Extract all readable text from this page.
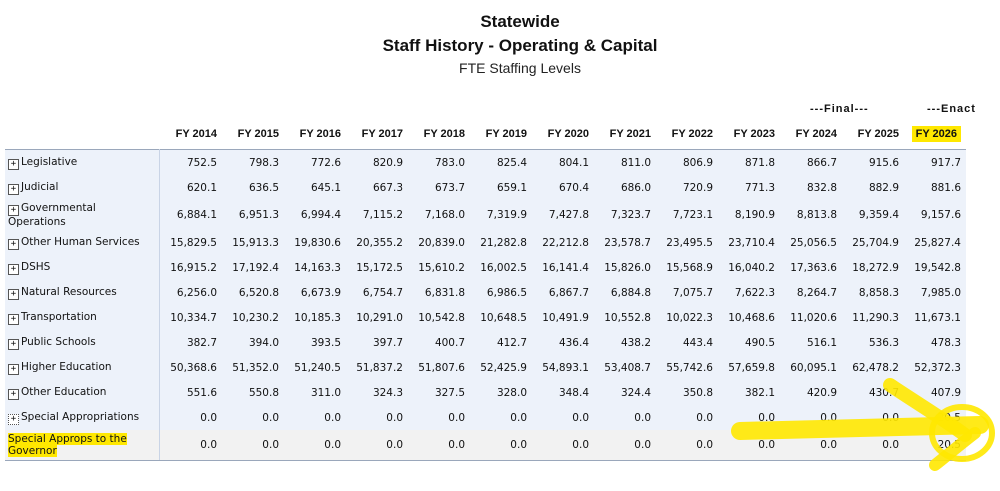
Statewide
Staff History - Operating & Capital
FTE Staffing Levels
---Final---	---Enact
	FY 2014	FY 2015	FY 2016	FY 2017	FY 2018	FY 2019	FY 2020	FY 2021	FY 2022	FY 2023	FY 2024	FY 2025	FY 2026
+ Legislative	752.5	798.3	772.6	820.9	783.0	825.4	804.1	811.0	806.9	871.8	866.7	915.6	917.7
+ Judicial	620.1	636.5	645.1	667.3	673.7	659.1	670.4	686.0	720.9	771.3	832.8	882.9	881.6
+ Governmental Operations	6,884.1	6,951.3	6,994.4	7,115.2	7,168.0	7,319.9	7,427.8	7,323.7	7,723.1	8,190.9	8,813.8	9,359.4	9,157.6
+ Other Human Services	15,829.5	15,913.3	19,830.6	20,355.2	20,839.0	21,282.8	22,212.8	23,578.7	23,495.5	23,710.4	25,056.5	25,704.9	25,827.4
+ DSHS	16,915.2	17,192.4	14,163.3	15,172.5	15,610.2	16,002.5	16,141.4	15,826.0	15,568.9	16,040.2	17,363.6	18,272.9	19,542.8
+ Natural Resources	6,256.0	6,520.8	6,673.9	6,754.7	6,831.8	6,986.5	6,867.7	6,884.8	7,075.7	7,622.3	8,264.7	8,858.3	7,985.0
+ Transportation	10,334.7	10,230.2	10,185.3	10,291.0	10,542.8	10,648.5	10,491.9	10,552.8	10,022.3	10,468.6	11,020.6	11,290.3	11,673.1
+ Public Schools	382.7	394.0	393.5	397.7	400.7	412.7	436.4	438.2	443.4	490.5	516.1	536.3	478.3
+ Higher Education	50,368.6	51,352.0	51,240.5	51,837.2	51,807.6	52,425.9	54,893.1	53,408.7	55,742.6	57,659.8	60,095.1	62,478.2	52,372.3
+ Other Education	551.6	550.8	311.0	324.3	327.5	328.0	348.4	324.4	350.8	382.1	420.9	430.7	407.9
+ Special Appropriations	0.0	0.0	0.0	0.0	0.0	0.0	0.0	0.0	0.0	0.0	0.0	0.0	20.5
Special Approps to the Governor	0.0	0.0	0.0	0.0	0.0	0.0	0.0	0.0	0.0	0.0	0.0	0.0	20.5
